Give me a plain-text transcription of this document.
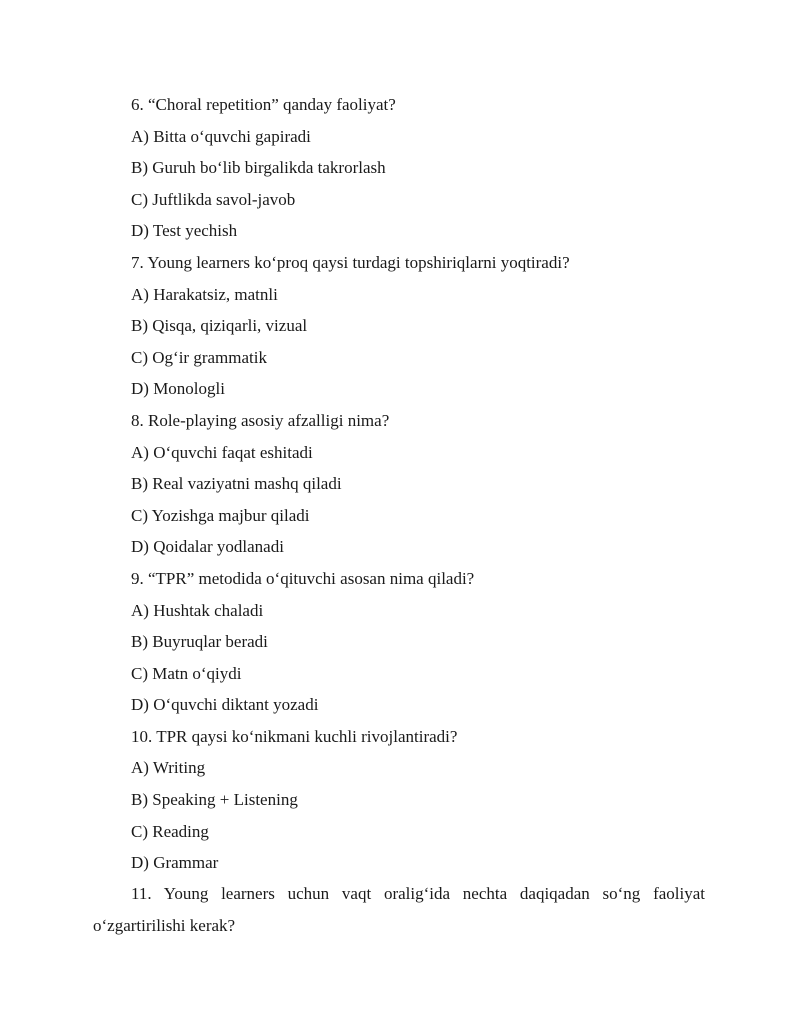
6. “Choral repetition” qanday faoliyat?
A) Bitta o‘quvchi gapiradi
B) Guruh bo‘lib birgalikda takrorlash
C) Juftlikda savol-javob
D) Test yechish
7. Young learners ko‘proq qaysi turdagi topshiriqlarni yoqtiradi?
A) Harakatsiz, matnli
B) Qisqa, qiziqarli, vizual
C) Og‘ir grammatik
D) Monologli
8. Role-playing asosiy afzalligi nima?
A) O‘quvchi faqat eshitadi
B) Real vaziyatni mashq qiladi
C) Yozishga majbur qiladi
D) Qoidalar yodlanadi
9. “TPR” metodida o‘qituvchi asosan nima qiladi?
A) Hushtak chaladi
B) Buyruqlar beradi
C) Matn o‘qiydi
D) O‘quvchi diktant yozadi
10. TPR qaysi ko‘nikmani kuchli rivojlantiradi?
A) Writing
B) Speaking + Listening
C) Reading
D) Grammar
11. Young learners uchun vaqt oralig‘ida nechta daqiqadan so‘ng faoliyat o‘zgartirilishi kerak?
